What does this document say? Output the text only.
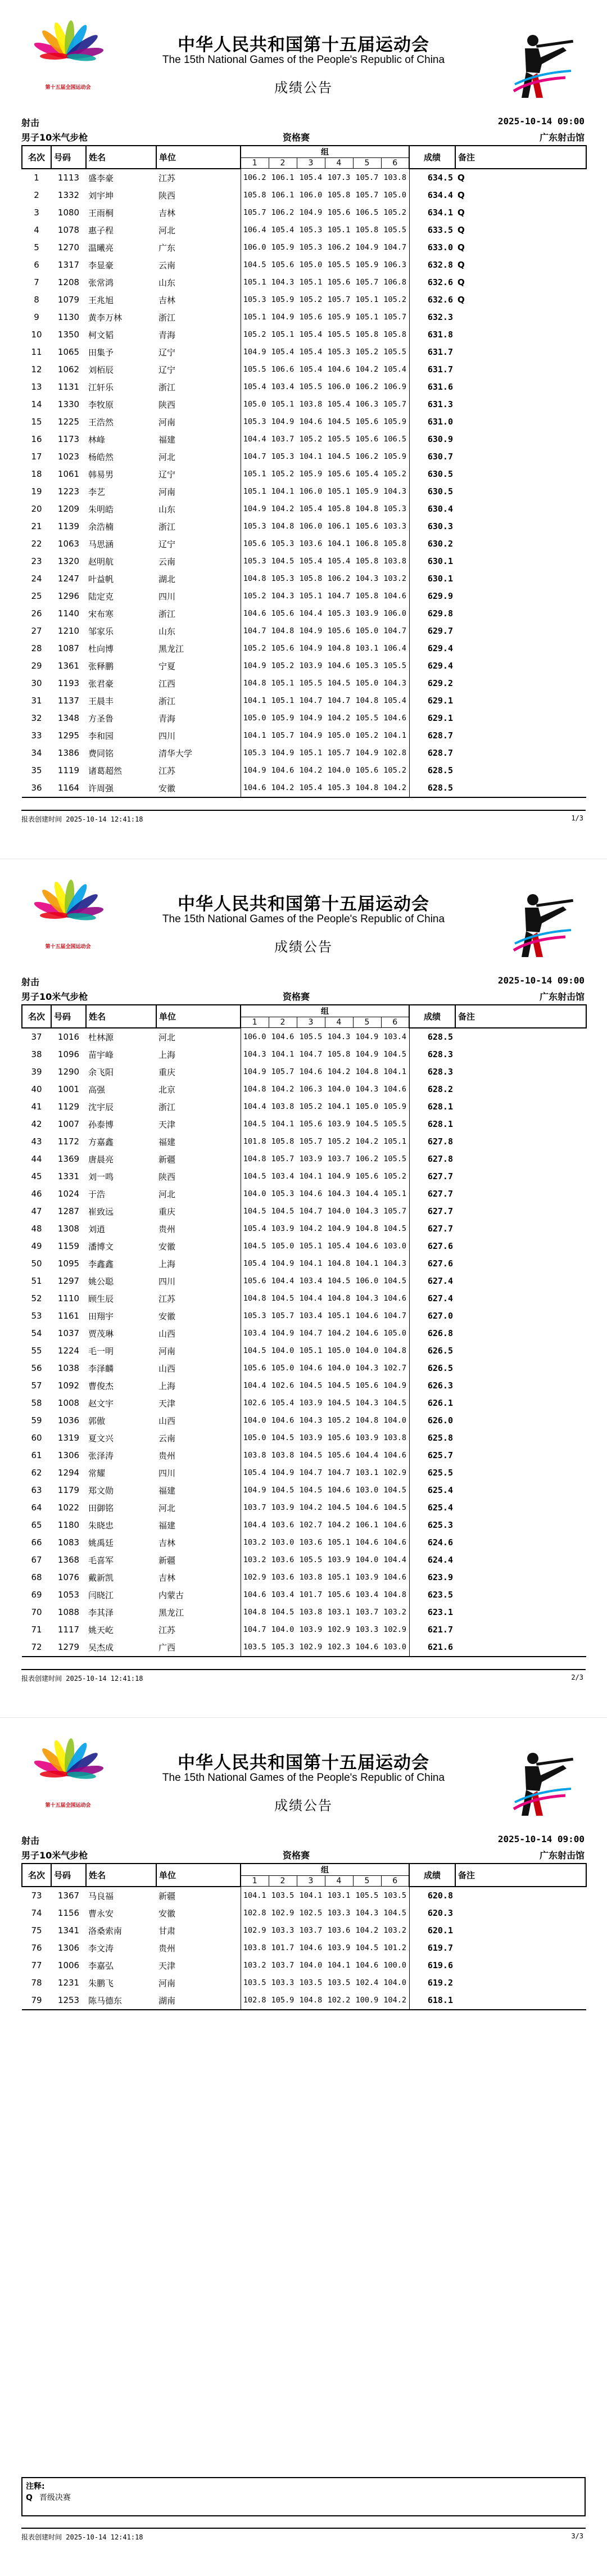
第十五届全国运动会
中华人民共和国第十五届运动会
The 15th National Games of the People's Republic of China
成绩公告
射击	2025-10-14 09:00
男子10米气步枪	资格赛	广东射击馆
名次	号码	姓名	单位	组						成绩	备注
				1	2	3	4	5	6		
1	1113	盛李豪	江苏	106.2	106.1	105.4	107.3	105.7	103.8	634.5	Q
2	1332	刘宇坤	陕西	105.8	106.1	106.0	105.8	105.7	105.0	634.4	Q
3	1080	王雨桐	吉林	105.7	106.2	104.9	105.6	106.5	105.2	634.1	Q
4	1078	惠子程	河北	106.4	105.4	105.3	105.1	105.8	105.5	633.5	Q
5	1270	温曦亮	广东	106.0	105.9	105.3	106.2	104.9	104.7	633.0	Q
6	1317	李显豪	云南	104.5	105.6	105.0	105.5	105.9	106.3	632.8	Q
7	1208	张常鸿	山东	105.1	104.3	105.1	105.6	105.7	106.8	632.6	Q
8	1079	王兆旭	吉林	105.3	105.9	105.2	105.7	105.1	105.2	632.6	Q
9	1130	黄李万林	浙江	105.1	104.9	105.6	105.9	105.1	105.7	632.3	
10	1350	柯文韬	青海	105.2	105.1	105.4	105.5	105.8	105.8	631.8	
11	1065	田集予	辽宁	104.9	105.4	105.4	105.3	105.2	105.5	631.7	
12	1062	刘栢辰	辽宁	105.5	106.6	105.4	104.6	104.2	105.4	631.7	
13	1131	江轩乐	浙江	105.4	103.4	105.5	106.0	106.2	106.9	631.6	
14	1330	李牧原	陕西	105.0	105.1	103.8	105.4	106.3	105.7	631.3	
15	1225	王浩然	河南	105.3	104.9	104.6	104.5	105.6	105.9	631.0	
16	1173	林峰	福建	104.4	103.7	105.2	105.5	105.6	106.5	630.9	
17	1023	杨皓然	河北	104.7	105.3	104.1	104.5	106.2	105.9	630.7	
18	1061	韩易男	辽宁	105.1	105.2	105.9	105.6	105.4	105.2	630.5	
19	1223	李艺	河南	105.1	104.1	106.0	105.1	105.9	104.3	630.5	
20	1209	朱明皓	山东	104.9	104.2	105.4	105.8	104.8	105.3	630.4	
21	1139	余浩楠	浙江	105.3	104.8	106.0	106.1	105.6	103.3	630.3	
22	1063	马思涵	辽宁	105.6	105.3	103.6	104.1	106.8	105.8	630.2	
23	1320	赵明航	云南	105.3	104.5	105.4	105.4	105.8	103.8	630.1	
24	1247	叶益帆	湖北	104.8	105.3	105.8	106.2	104.3	103.2	630.1	
25	1296	陆定克	四川	105.2	104.3	105.1	104.7	105.8	104.6	629.9	
26	1140	宋布寒	浙江	104.6	105.6	104.4	105.3	103.9	106.0	629.8	
27	1210	邹家乐	山东	104.7	104.8	104.9	105.6	105.0	104.7	629.7	
28	1087	杜向博	黑龙江	105.2	105.6	104.9	104.8	103.1	106.4	629.4	
29	1361	张释鹏	宁夏	104.9	105.2	103.9	104.6	105.3	105.5	629.4	
30	1193	张君豪	江西	104.8	105.1	105.5	104.5	105.0	104.3	629.2	
31	1137	王晨丰	浙江	104.1	105.1	104.7	104.7	104.8	105.4	629.1	
32	1348	方圣鲁	青海	105.0	105.9	104.9	104.2	105.5	104.6	629.1	
33	1295	李和园	四川	104.1	105.7	104.9	105.0	105.2	104.1	628.7	
34	1386	费同铭	清华大学	105.3	104.9	105.1	105.7	104.9	102.8	628.7	
35	1119	诸葛超然	江苏	104.9	104.6	104.2	104.0	105.6	105.2	628.5	
36	1164	许周强	安徽	104.6	104.2	105.4	105.3	104.8	104.2	628.5	

报表创建时间 2025-10-14 12:41:18	1/3
第十五届全国运动会
中华人民共和国第十五届运动会
The 15th National Games of the People's Republic of China
成绩公告
射击	2025-10-14 09:00
男子10米气步枪	资格赛	广东射击馆
名次	号码	姓名	单位	组						成绩	备注
				1	2	3	4	5	6		
37	1016	杜林源	河北	106.0	104.6	105.5	104.3	104.9	103.4	628.5	
38	1096	苗宇峰	上海	104.3	104.1	104.7	105.8	104.9	104.5	628.3	
39	1290	余飞阳	重庆	104.9	105.7	104.6	104.2	104.8	104.1	628.3	
40	1001	高强	北京	104.8	104.2	106.3	104.0	104.3	104.6	628.2	
41	1129	沈宇辰	浙江	104.4	103.8	105.2	104.1	105.0	105.9	628.1	
42	1007	孙泰博	天津	104.5	104.1	105.6	103.9	104.5	105.5	628.1	
43	1172	方嘉鑫	福建	101.8	105.8	105.7	105.2	104.2	105.1	627.8	
44	1369	唐晨亮	新疆	104.8	105.7	103.9	103.7	106.2	105.5	627.8	
45	1331	刘一鸣	陕西	104.5	103.4	104.1	104.9	105.6	105.2	627.7	
46	1024	于浩	河北	104.0	105.3	104.6	104.3	104.4	105.1	627.7	
47	1287	崔致远	重庆	104.5	104.5	104.7	104.0	104.3	105.7	627.7	
48	1308	刘逍	贵州	105.4	103.9	104.2	104.9	104.8	104.5	627.7	
49	1159	潘博文	安徽	104.5	105.0	105.1	105.4	104.6	103.0	627.6	
50	1095	李鑫鑫	上海	105.4	104.9	104.1	104.8	104.1	104.3	627.6	
51	1297	姚公聪	四川	105.6	104.4	103.4	104.5	106.0	104.5	627.4	
52	1110	顾生辰	江苏	104.8	104.5	104.4	104.8	104.3	104.6	627.4	
53	1161	田翔宇	安徽	105.3	105.7	103.4	105.1	104.6	104.7	627.0	
54	1037	贾茂琳	山西	103.4	104.9	104.7	104.2	104.6	105.0	626.8	
55	1224	毛一明	河南	104.5	104.0	105.1	105.0	104.0	104.8	626.5	
56	1038	李泽麟	山西	105.6	105.0	104.6	104.0	104.3	102.7	626.5	
57	1092	曹俊杰	上海	104.4	102.6	104.5	104.5	105.6	104.9	626.3	
58	1008	赵文宇	天津	102.6	105.4	103.9	104.5	104.3	104.5	626.1	
59	1036	郭傲	山西	104.0	104.6	104.3	105.2	104.8	104.0	626.0	
60	1319	夏文兴	云南	105.0	104.5	103.9	105.6	103.9	103.8	625.8	
61	1306	张泽涛	贵州	103.8	103.8	104.5	105.6	104.4	104.6	625.7	
62	1294	常耀	四川	105.4	104.9	104.7	104.7	103.1	102.9	625.5	
63	1179	郑文勋	福建	104.9	104.5	104.5	104.6	103.0	104.5	625.4	
64	1022	田御铭	河北	103.7	103.9	104.2	104.5	104.6	104.5	625.4	
65	1180	朱晓忠	福建	104.4	103.6	102.7	104.2	106.1	104.6	625.3	
66	1083	姚禹廷	吉林	103.2	103.0	103.6	105.1	104.6	104.6	624.6	
67	1368	毛喜军	新疆	103.2	103.6	105.5	103.9	104.0	104.4	624.4	
68	1076	戴新凯	吉林	102.9	103.6	103.8	105.1	103.9	104.6	623.9	
69	1053	闫晓江	内蒙古	104.6	103.4	101.7	105.6	103.4	104.8	623.5	
70	1088	李其泽	黑龙江	104.8	104.5	103.8	103.1	103.7	103.2	623.1	
71	1117	姚天屹	江苏	104.7	104.0	103.9	102.9	103.3	102.9	621.7	
72	1279	吴杰成	广西	103.5	105.3	102.9	102.3	104.6	103.0	621.6	

报表创建时间 2025-10-14 12:41:18	2/3
第十五届全国运动会
中华人民共和国第十五届运动会
The 15th National Games of the People's Republic of China
成绩公告
射击	2025-10-14 09:00
男子10米气步枪	资格赛	广东射击馆
名次	号码	姓名	单位	组						成绩	备注
				1	2	3	4	5	6		
73	1367	马良福	新疆	104.1	103.5	104.1	103.1	105.5	103.5	620.8	
74	1156	曹永安	安徽	102.8	102.9	102.5	103.3	104.3	104.5	620.3	
75	1341	洛桑索南	甘肃	102.9	103.3	103.7	103.6	104.2	103.2	620.1	
76	1306	李文涛	贵州	103.8	101.7	104.6	103.9	104.5	101.2	619.7	
77	1006	李嘉弘	天津	103.2	103.7	104.0	104.1	104.6	100.0	619.6	
78	1231	朱鹏飞	河南	103.5	103.3	103.5	103.5	102.4	104.0	619.2	
79	1253	陈马德东	湖南	102.8	105.9	104.8	102.2	100.9	104.2	618.1	

报表创建时间 2025-10-14 12:41:18	3/3
注释:
Q 晋级决赛
